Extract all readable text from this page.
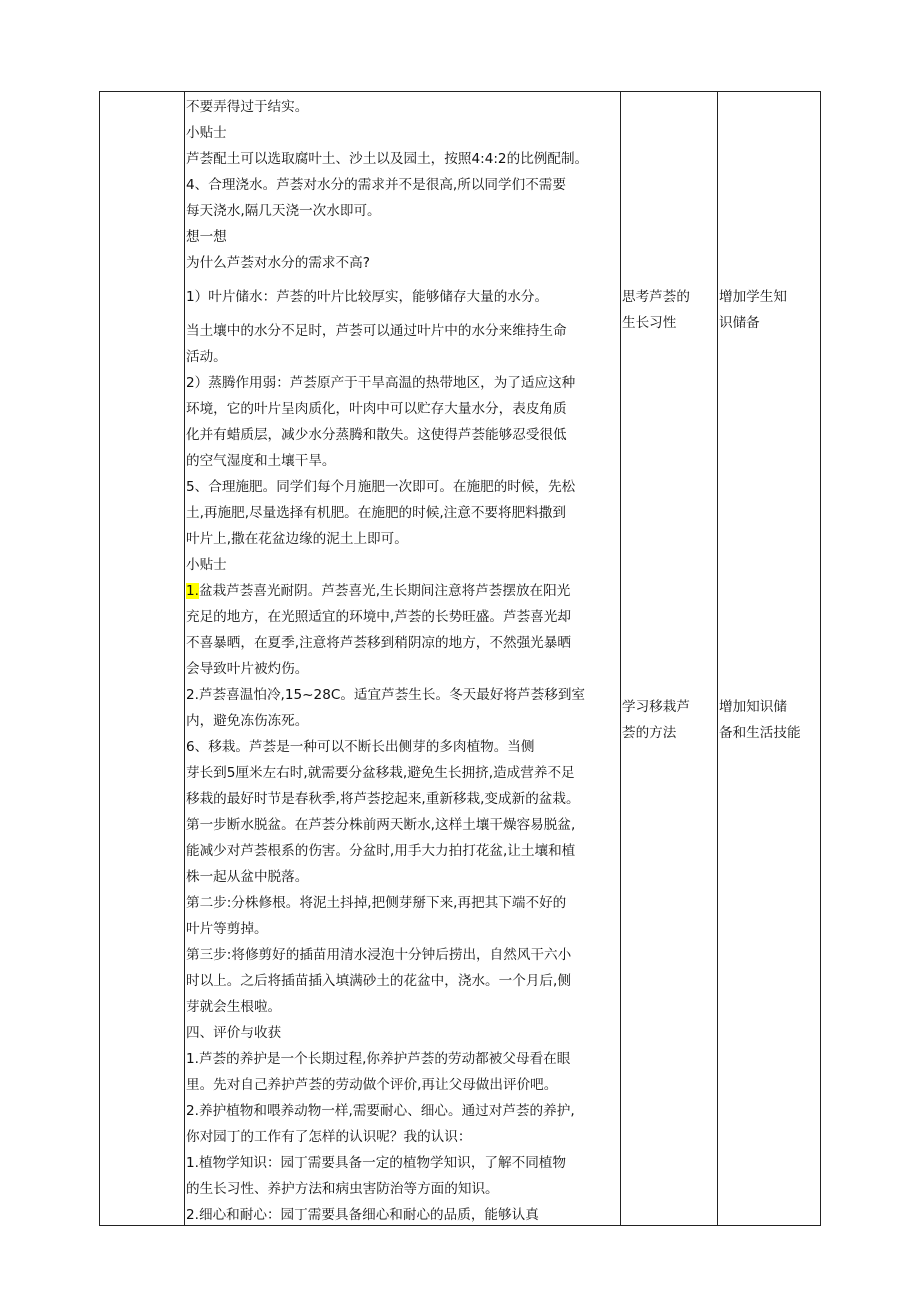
不要弄得过于结实。

小贴士

芦荟配土可以选取腐叶土、沙土以及园土，按照4:4:2的比例配制。

4、合理浇水。芦荟对水分的需求并不是很高,所以同学们不需要

每天浇水,隔几天浇一次水即可。

想一想

为什么芦荟对水分的需求不高?

1）叶片储水：芦荟的叶片比较厚实，能够储存大量的水分。

当土壤中的水分不足时，芦荟可以通过叶片中的水分来维持生命

活动。

2）蒸腾作用弱：芦荟原产于干旱高温的热带地区，为了适应这种

环境，它的叶片呈肉质化，叶肉中可以贮存大量水分，表皮角质

化并有蜡质层，减少水分蒸腾和散失。这使得芦荟能够忍受很低

的空气湿度和土壤干旱。

5、合理施肥。同学们每个月施肥一次即可。在施肥的时候，先松

土,再施肥,尽量选择有机肥。在施肥的时候,注意不要将肥料撒到

叶片上,撒在花盆边缘的泥土上即可。

小贴士

1.盆栽芦荟喜光耐阴。芦荟喜光,生长期间注意将芦荟摆放在阳光

充足的地方，在光照适宜的环境中,芦荟的长势旺盛。芦荟喜光却

不喜暴晒，在夏季,注意将芦荟移到稍阴凉的地方，不然强光暴晒

会导致叶片被灼伤。

2.芦荟喜温怕冷,15~28C。适宜芦荟生长。冬天最好将芦荟移到室

内，避免冻伤冻死。

6、移栽。芦荟是一种可以不断长出侧芽的多肉植物。当侧

芽长到5厘米左右时,就需要分盆移栽,避免生长拥挤,造成营养不足

移栽的最好时节是春秋季,将芦荟挖起来,重新移栽,变成新的盆栽。

第一步断水脱盆。在芦荟分株前两天断水,这样土壤干燥容易脱盆,

能减少对芦荟根系的伤害。分盆时,用手大力拍打花盆,让土壤和植

株一起从盆中脱落。

第二步:分株修根。将泥土抖掉,把侧芽掰下来,再把其下端不好的

叶片等剪掉。

第三步:将修剪好的插苗用清水浸泡十分钟后捞出，自然风干六小

时以上。之后将插苗插入填满砂土的花盆中，浇水。一个月后,侧

芽就会生根啦。

四、评价与收获

1.芦荟的养护是一个长期过程,你养护芦荟的劳动都被父母看在眼

里。先对自己养护芦荟的劳动做个评价,再让父母做出评价吧。

2.养护植物和喂养动物一样,需要耐心、细心。通过对芦荟的养护,

你对园丁的工作有了怎样的认识呢？我的认识：

1.植物学知识：园丁需要具备一定的植物学知识，了解不同植物

的生长习性、养护方法和病虫害防治等方面的知识。

2.细心和耐心：园丁需要具备细心和耐心的品质，能够认真

思考芦荟的

生长习性

学习移栽芦

荟的方法

增加学生知

识储备

增加知识储

备和生活技能
